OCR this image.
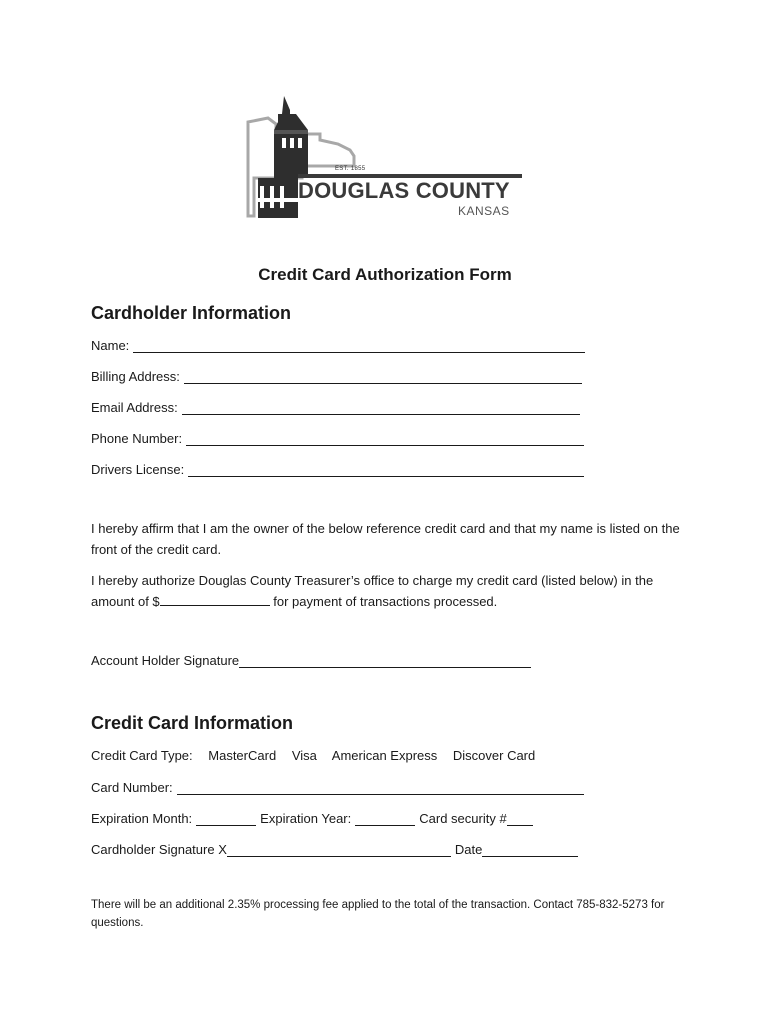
EST. 1855
DOUGLAS COUNTY
KANSAS
Credit Card Authorization Form
Cardholder Information
Name:
Billing Address:
Email Address:
Phone Number:
Drivers License:
I hereby affirm that I am the owner of the below reference credit card and that my name is listed on the front of the credit card.
I hereby authorize Douglas County Treasurer’s office to charge my credit card (listed below) in the amount of $	for payment of transactions processed.
Account Holder Signature
Credit Card Information
Credit Card Type: MasterCard Visa American Express Discover Card
Card Number:
Expiration Month:	Expiration Year:	Card security #
Cardholder Signature X	Date
There will be an additional 2.35% processing fee applied to the total of the transaction. Contact 785-832-5273 for questions.
